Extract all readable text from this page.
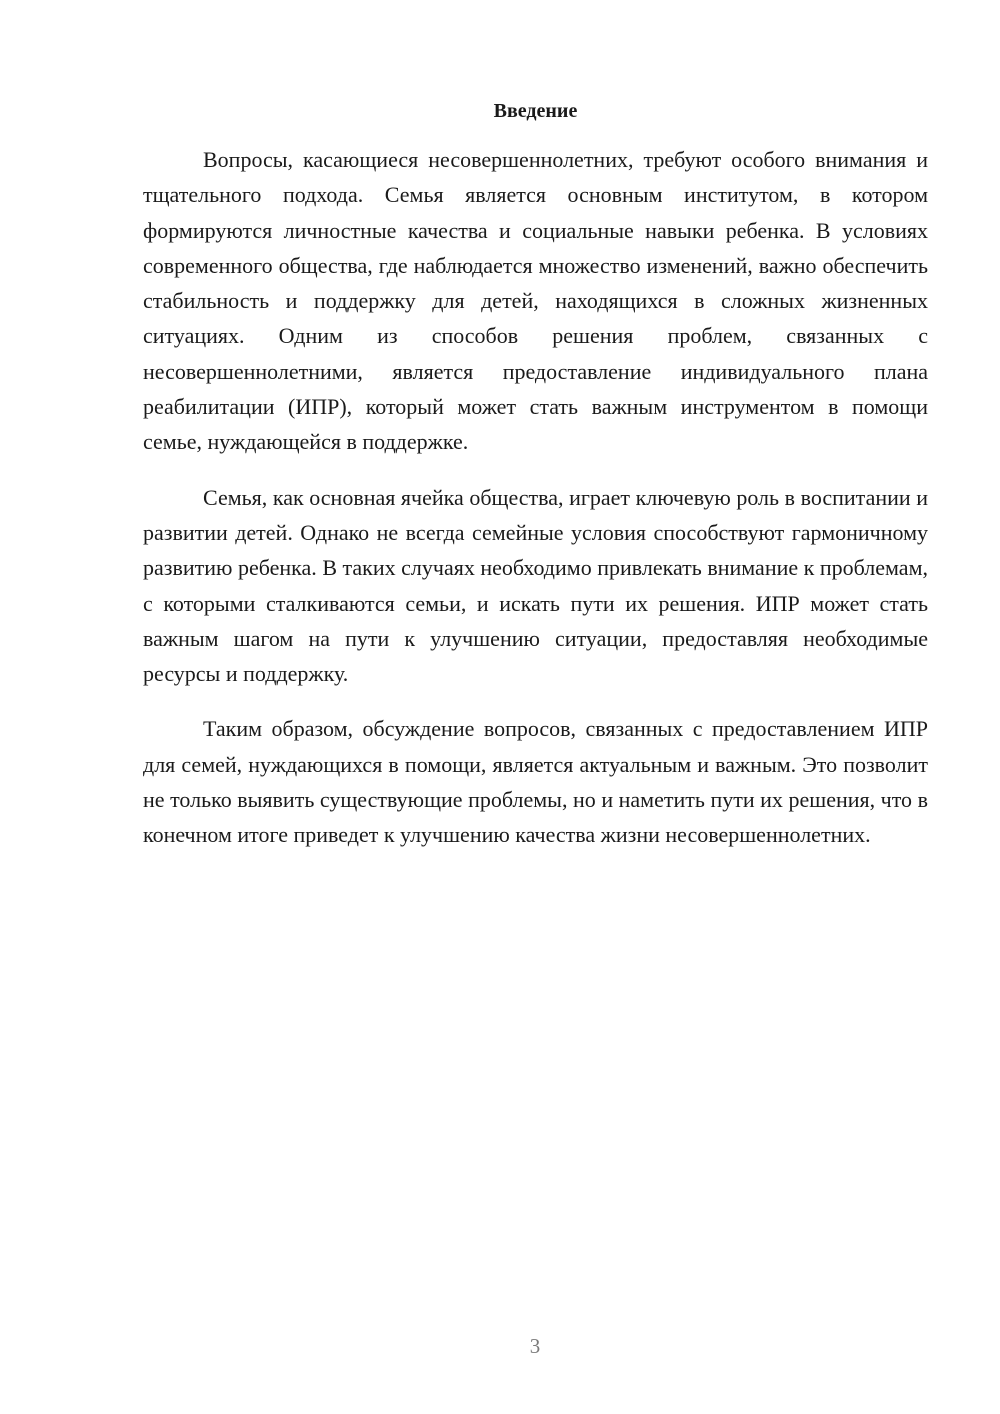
Введение

Вопросы, касающиеся несовершеннолетних, требуют особого внимания и тщательного подхода. Семья является основным институтом, в котором формируются личностные качества и социальные навыки ребенка. В условиях современного общества, где наблюдается множество изменений, важно обеспечить стабильность и поддержку для детей, находящихся в сложных жизненных ситуациях. Одним из способов решения проблем, связанных с несовершеннолетними, является предоставление индивидуального плана реабилитации (ИПР), который может стать важным инструментом в помощи семье, нуждающейся в поддержке.

Семья, как основная ячейка общества, играет ключевую роль в воспитании и развитии детей. Однако не всегда семейные условия способствуют гармоничному развитию ребенка. В таких случаях необходимо привлекать внимание к проблемам, с которыми сталкиваются семьи, и искать пути их решения. ИПР может стать важным шагом на пути к улучшению ситуации, предоставляя необходимые ресурсы и поддержку.

Таким образом, обсуждение вопросов, связанных с предоставлением ИПР для семей, нуждающихся в помощи, является актуальным и важным. Это позволит не только выявить существующие проблемы, но и наметить пути их решения, что в конечном итоге приведет к улучшению качества жизни несовершеннолетних.

3
